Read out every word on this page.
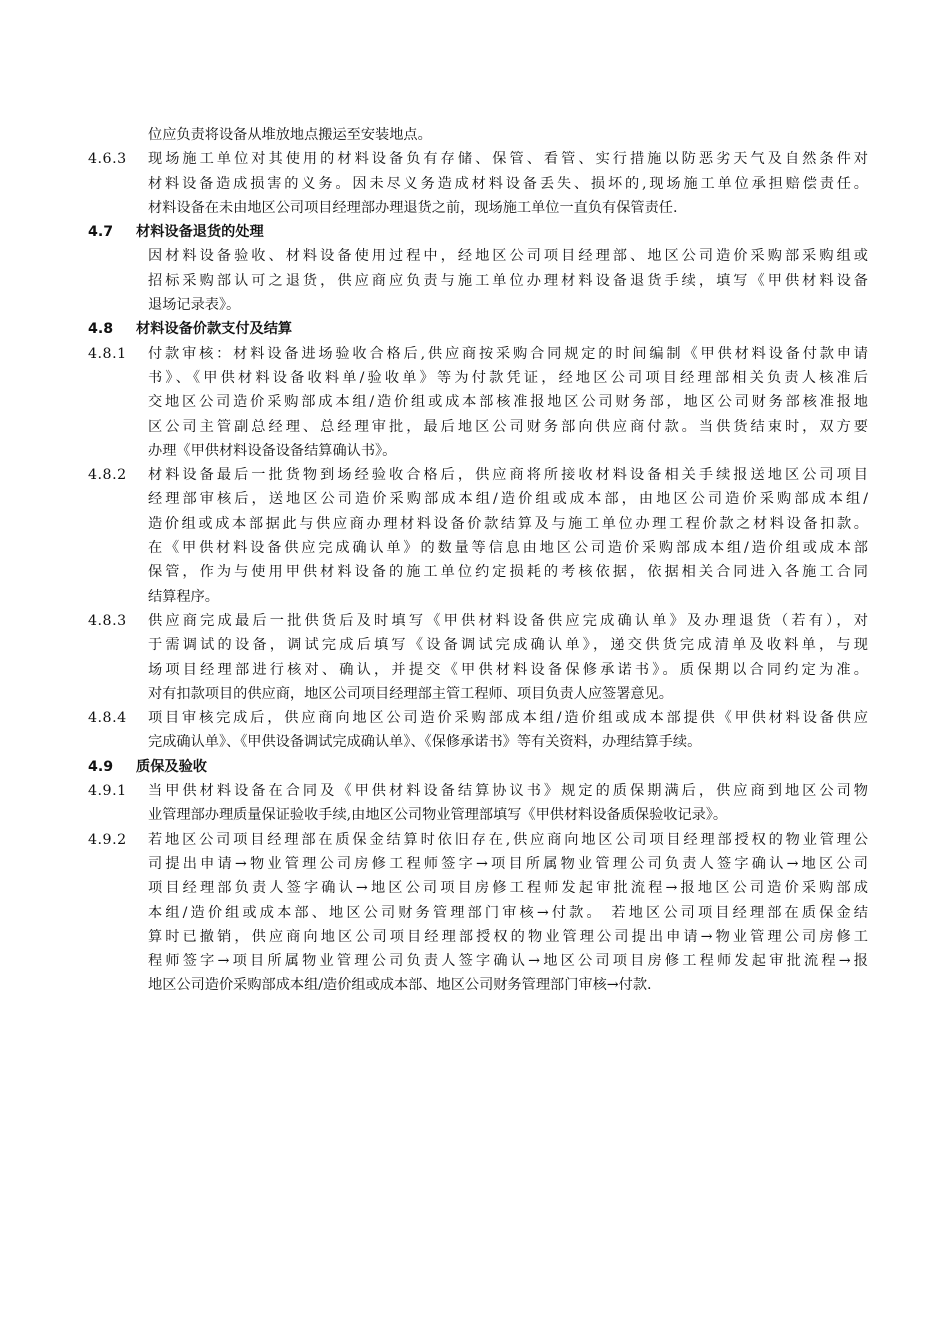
位应负责将设备从堆放地点搬运至安装地点。
4.6.3	现场施工单位对其使用的材料设备负有存储、保管、看管、实行措施以防恶劣天气及自然条件对
材料设备造成损害的义务。因未尽义务造成材料设备丢失、损坏的,现场施工单位承担赔偿责任。
材料设备在未由地区公司项目经理部办理退货之前，现场施工单位一直负有保管责任.
4.7	材料设备退货的处理
因材料设备验收、材料设备使用过程中，经地区公司项目经理部、地区公司造价采购部采购组或
招标采购部认可之退货，供应商应负责与施工单位办理材料设备退货手续，填写《甲供材料设备
退场记录表》。
4.8	材料设备价款支付及结算
4.8.1	付款审核：材料设备进场验收合格后,供应商按采购合同规定的时间编制《甲供材料设备付款申请
书》、《甲供材料设备收料单/验收单》等为付款凭证，经地区公司项目经理部相关负责人核准后
交地区公司造价采购部成本组/造价组或成本部核准报地区公司财务部，地区公司财务部核准报地
区公司主管副总经理、总经理审批，最后地区公司财务部向供应商付款。当供货结束时，双方要
办理《甲供材料设备设备结算确认书》。
4.8.2	材料设备最后一批货物到场经验收合格后，供应商将所接收材料设备相关手续报送地区公司项目
经理部审核后，送地区公司造价采购部成本组/造价组或成本部，由地区公司造价采购部成本组/
造价组或成本部据此与供应商办理材料设备价款结算及与施工单位办理工程价款之材料设备扣款。
在《甲供材料设备供应完成确认单》的数量等信息由地区公司造价采购部成本组/造价组或成本部
保管，作为与使用甲供材料设备的施工单位约定损耗的考核依据，依据相关合同进入各施工合同
结算程序。
4.8.3	供应商完成最后一批供货后及时填写《甲供材料设备供应完成确认单》及办理退货（若有），对
于需调试的设备，调试完成后填写《设备调试完成确认单》，递交供货完成清单及收料单，与现
场项目经理部进行核对、确认，并提交《甲供材料设备保修承诺书》。质保期以合同约定为准。
对有扣款项目的供应商，地区公司项目经理部主管工程师、项目负责人应签署意见。
4.8.4	项目审核完成后，供应商向地区公司造价采购部成本组/造价组或成本部提供《甲供材料设备供应
完成确认单》、《甲供设备调试完成确认单》、《保修承诺书》等有关资料，办理结算手续。
4.9	质保及验收
4.9.1	当甲供材料设备在合同及《甲供材料设备结算协议书》规定的质保期满后，供应商到地区公司物
业管理部办理质量保证验收手续,由地区公司物业管理部填写《甲供材料设备质保验收记录》。
4.9.2	若地区公司项目经理部在质保金结算时依旧存在,供应商向地区公司项目经理部授权的物业管理公
司提出申请→物业管理公司房修工程师签字→项目所属物业管理公司负责人签字确认→地区公司
项目经理部负责人签字确认→地区公司项目房修工程师发起审批流程→报地区公司造价采购部成
本组/造价组或成本部、地区公司财务管理部门审核→付款。 若地区公司项目经理部在质保金结
算时已撤销，供应商向地区公司项目经理部授权的物业管理公司提出申请→物业管理公司房修工
程师签字→项目所属物业管理公司负责人签字确认→地区公司项目房修工程师发起审批流程→报
地区公司造价采购部成本组/造价组或成本部、地区公司财务管理部门审核→付款.
